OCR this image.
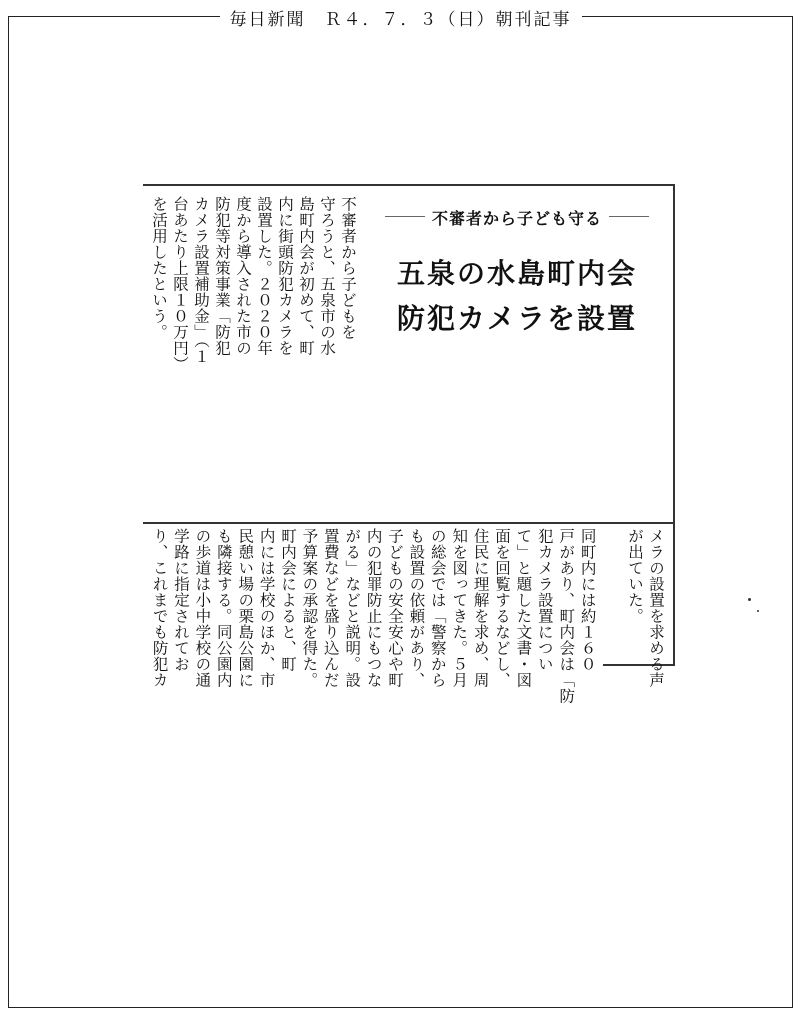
毎日新聞　Ｒ４．７．３（日）朝刊記事
不審者から子ども守る
五泉の水島町内会
防犯カメラを設置
不審者から子どもを
守ろうと、五泉市の水
島町内会が初めて、町
内に街頭防犯カメラを
設置した。２０２０年
度から導入された市の
防犯等対策事業「防犯
カメラ設置補助金」（１
台あたり上限１０万円）
を活用したという。
同町内には約１６０
戸があり、町内会は「防
犯カメラ設置につい
て」と題した文書・図
面を回覧するなどし、
住民に理解を求め、周
知を図ってきた。５月
の総会では「警察から
も設置の依頼があり、
子どもの安全安心や町
内の犯罪防止にもつな
がる」などと説明。設
置費などを盛り込んだ
予算案の承認を得た。
町内会によると、町
内には学校のほか、市
民憩い場の栗島公園に
も隣接する。同公園内
の歩道は小中学校の通
学路に指定されてお
り、これまでも防犯カ	メラの設置を求める声
が出ていた。
